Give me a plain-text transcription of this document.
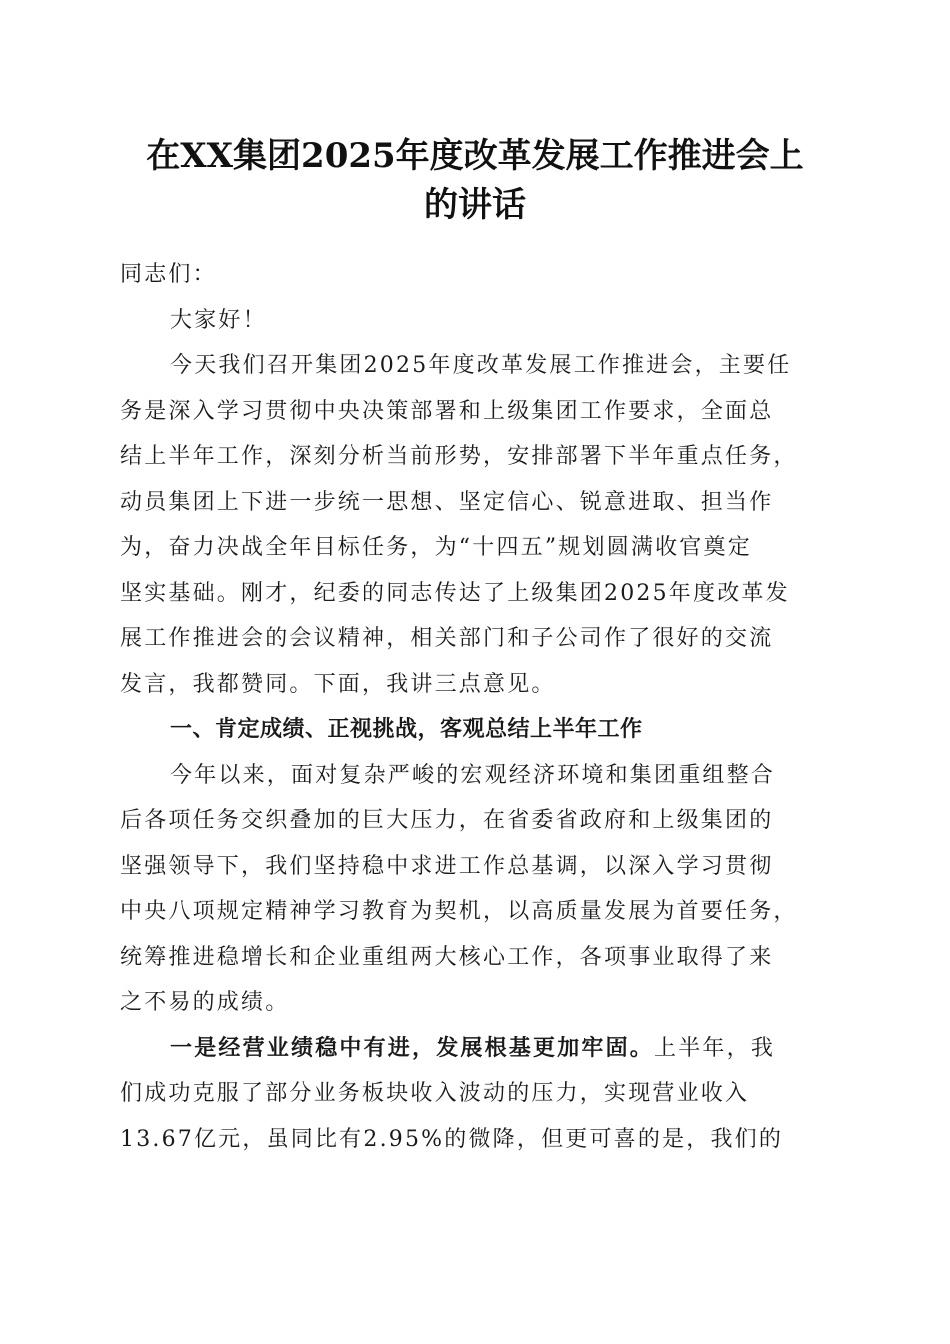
在XX集团2025年度改革发展工作推进会上
的讲话
同志们：
大家好！
今天我们召开集团2025年度改革发展工作推进会，主要任
务是深入学习贯彻中央决策部署和上级集团工作要求，全面总
结上半年工作，深刻分析当前形势，安排部署下半年重点任务，
动员集团上下进一步统一思想、坚定信心、锐意进取、担当作
为，奋力决战全年目标任务，为“十四五”规划圆满收官奠定
坚实基础。刚才，纪委的同志传达了上级集团2025年度改革发
展工作推进会的会议精神，相关部门和子公司作了很好的交流
发言，我都赞同。下面，我讲三点意见。
一、肯定成绩、正视挑战，客观总结上半年工作
今年以来，面对复杂严峻的宏观经济环境和集团重组整合
后各项任务交织叠加的巨大压力，在省委省政府和上级集团的
坚强领导下，我们坚持稳中求进工作总基调，以深入学习贯彻
中央八项规定精神学习教育为契机，以高质量发展为首要任务，
统筹推进稳增长和企业重组两大核心工作，各项事业取得了来
之不易的成绩。
一是经营业绩稳中有进，发展根基更加牢固。上半年，我
们成功克服了部分业务板块收入波动的压力，实现营业收入
13.67亿元，虽同比有2.95%的微降，但更可喜的是，我们的
